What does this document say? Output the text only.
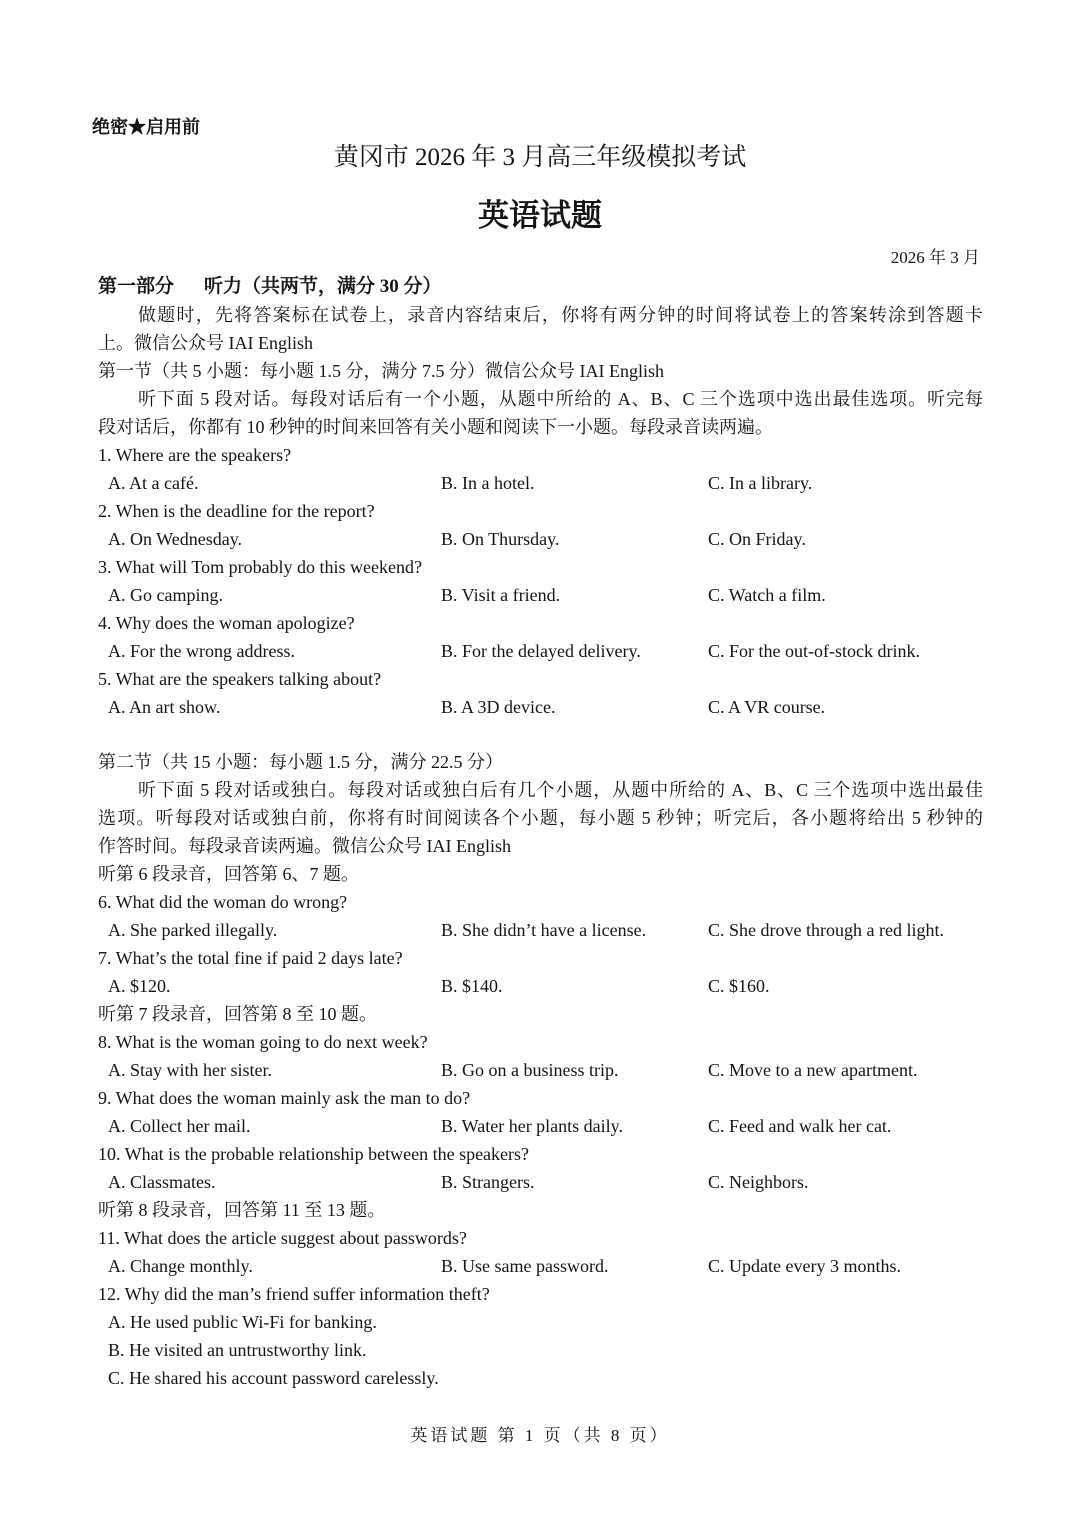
绝密★启用前
黄冈市 2026 年 3 月高三年级模拟考试
英语试题
2026 年 3 月
第一部分 听力（共两节，满分 30 分）
做题时，先将答案标在试卷上，录音内容结束后，你将有两分钟的时间将试卷上的答案转涂到答题卡
上。微信公众号 IAI English
第一节（共 5 小题：每小题 1.5 分，满分 7.5 分）微信公众号 IAI English
听下面 5 段对话。每段对话后有一个小题，从题中所给的 A、B、C 三个选项中选出最佳选项。听完每
段对话后，你都有 10 秒钟的时间来回答有关小题和阅读下一小题。每段录音读两遍。
1. Where are the speakers?
A. At a café.	B. In a hotel.	C. In a library.
2. When is the deadline for the report?
A. On Wednesday.	B. On Thursday.	C. On Friday.
3. What will Tom probably do this weekend?
A. Go camping.	B. Visit a friend.	C. Watch a film.
4. Why does the woman apologize?
A. For the wrong address.	B. For the delayed delivery.	C. For the out-of-stock drink.
5. What are the speakers talking about?
A. An art show.	B. A 3D device.	C. A VR course.
第二节（共 15 小题：每小题 1.5 分，满分 22.5 分）
听下面 5 段对话或独白。每段对话或独白后有几个小题，从题中所给的 A、B、C 三个选项中选出最佳
选项。听每段对话或独白前，你将有时间阅读各个小题，每小题 5 秒钟；听完后，各小题将给出 5 秒钟的
作答时间。每段录音读两遍。微信公众号 IAI English
听第 6 段录音，回答第 6、7 题。
6. What did the woman do wrong?
A. She parked illegally.	B. She didn’t have a license.	C. She drove through a red light.
7. What’s the total fine if paid 2 days late?
A. $120.	B. $140.	C. $160.
听第 7 段录音，回答第 8 至 10 题。
8. What is the woman going to do next week?
A. Stay with her sister.	B. Go on a business trip.	C. Move to a new apartment.
9. What does the woman mainly ask the man to do?
A. Collect her mail.	B. Water her plants daily.	C. Feed and walk her cat.
10. What is the probable relationship between the speakers?
A. Classmates.	B. Strangers.	C. Neighbors.
听第 8 段录音，回答第 11 至 13 题。
11. What does the article suggest about passwords?
A. Change monthly.	B. Use same password.	C. Update every 3 months.
12. Why did the man’s friend suffer information theft?
A. He used public Wi-Fi for banking.
B. He visited an untrustworthy link.
C. He shared his account password carelessly.
英语试题 第 1 页（共 8 页）
